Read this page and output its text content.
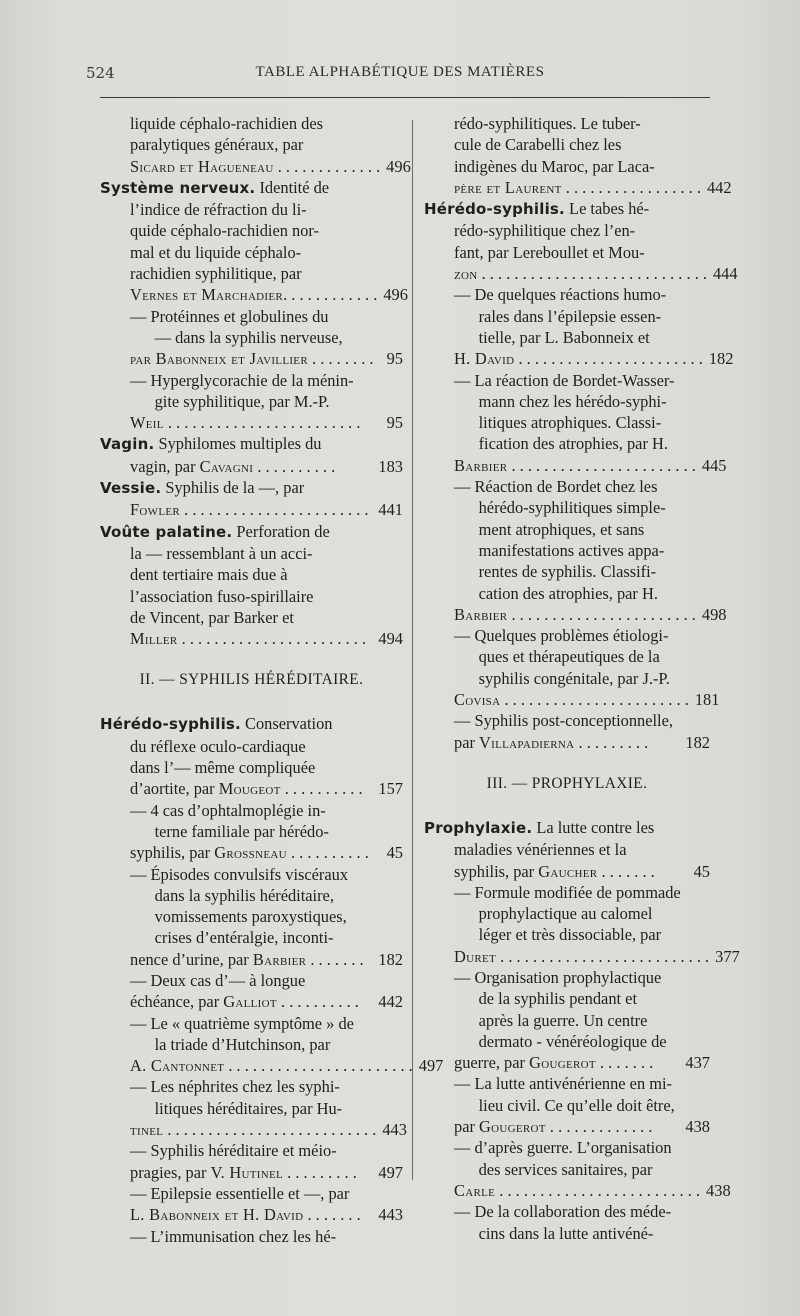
524	TABLE ALPHABÉTIQUE DES MATIÈRES

liquide céphalo-rachidien des
paralytiques généraux, par

Sicard et Hagueneau . . . . . . . . . . . . . 496

Système nerveux. Identité de
l’indice de réfraction du li-
quide céphalo-rachidien nor-
mal et du liquide céphalo-
rachidien syphilitique, par

Vernes et Marchadier. . . . . . . . . . . . 496

— Protéinnes et globulines du
— dans la syphilis nerveuse,

par Babonneix et Javillier . . . . . . . . 95

— Hyperglycorachie de la ménin-
gite syphilitique, par M.-P.

Weil . . . . . . . . . . . . . . . . . . . . . . . .	95

Vagin. Syphilomes multiples du

vagin, par Cavagni . . . . . . . . . .	183

Vessie. Syphilis de la —, par

Fowler . . . . . . . . . . . . . . . . . . . . . . . 441

Voûte palatine. Perforation de
la — ressemblant à un acci-
dent tertiaire mais due à
l’association fuso-spirillaire
de Vincent, par Barker et

Miller . . . . . . . . . . . . . . . . . . . . . . . 494

II. — SYPHILIS HÉRÉDITAIRE.

Hérédo-syphilis. Conservation
du réflexe oculo-cardiaque
dans l’— même compliquée

d’aortite, par Mougeot . . . . . . . . . . 157

— 4 cas d’ophtalmoplégie in-
terne familiale par hérédo-

syphilis, par Grossneau . . . . . . . . . .	45

— Épisodes convulsifs viscéraux
dans la syphilis héréditaire,
vomissements paroxystiques,
crises d’entéralgie, inconti-

nence d’urine, par Barbier . . . . . . . 182

— Deux cas d’— à longue

échéance, par Galliot . . . . . . . . . .	442

— Le « quatrième symptôme » de
la triade d’Hutchinson, par

A. Cantonnet . . . . . . . . . . . . . . . . . . . . . . . 497

— Les néphrites chez les syphi-
litiques héréditaires, par Hu-

tinel . . . . . . . . . . . . . . . . . . . . . . . . . . 443

— Syphilis héréditaire et méio-

pragies, par V. Hutinel . . . . . . . . .	497

— Epilepsie essentielle et —, par

L. Babonneix et H. David . . . . . . .	443

— L’immunisation chez les hé-

rédo-syphilitiques. Le tuber-
cule de Carabelli chez les
indigènes du Maroc, par Laca-

père et Laurent . . . . . . . . . . . . . . . . . 442

Hérédo-syphilis. Le tabes hé-
rédo-syphilitique chez l’en-
fant, par Lereboullet et Mou-

zon . . . . . . . . . . . . . . . . . . . . . . . . . . . . 444

— De quelques réactions humo-
rales dans l’épilepsie essen-
tielle, par L. Babonneix et

H. David . . . . . . . . . . . . . . . . . . . . . . . 182

— La réaction de Bordet-Wasser-
mann chez les hérédo-syphi-
litiques atrophiques. Classi-
fication des atrophies, par H.

Barbier . . . . . . . . . . . . . . . . . . . . . . . 445

— Réaction de Bordet chez les
hérédo-syphilitiques simple-
ment atrophiques, et sans
manifestations actives appa-
rentes de syphilis. Classifi-
cation des atrophies, par H.

Barbier . . . . . . . . . . . . . . . . . . . . . . . 498

— Quelques problèmes étiologi-
ques et thérapeutiques de la
syphilis congénitale, par J.-P.

Covisa . . . . . . . . . . . . . . . . . . . . . . . 181

— Syphilis post-conceptionnelle,

par Villapadierna . . . . . . . . .	182

III. — PROPHYLAXIE.

Prophylaxie. La lutte contre les
maladies vénériennes et la

syphilis, par Gaucher . . . . . . .	45

— Formule modifiée de pommade
prophylactique au calomel
léger et très dissociable, par

Duret . . . . . . . . . . . . . . . . . . . . . . . . . . 377

— Organisation prophylactique
de la syphilis pendant et
après la guerre. Un centre
dermato - vénéréologique de

guerre, par Gougerot . . . . . . .	437

— La lutte antivénérienne en mi-
lieu civil. Ce qu’elle doit être,

par Gougerot . . . . . . . . . . . . .	438

— d’après guerre. L’organisation
des services sanitaires, par

Carle . . . . . . . . . . . . . . . . . . . . . . . . . 438

— De la collaboration des méde-
cins dans la lutte antivéné-
